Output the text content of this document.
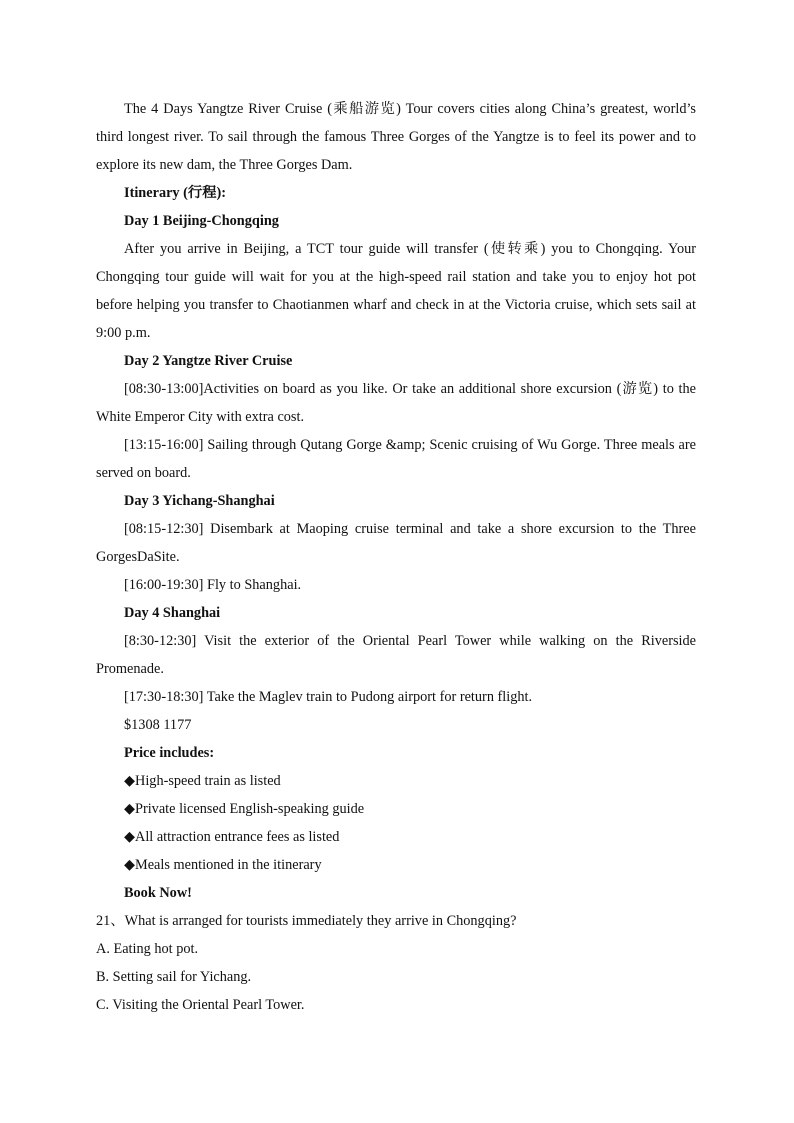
The 4 Days Yangtze River Cruise (乘船游览) Tour covers cities along China’s greatest, world’s third longest river. To sail through the famous Three Gorges of the Yangtze is to feel its power and to explore its new dam, the Three Gorges Dam.

Itinerary (行程):

Day 1 Beijing-Chongqing

After you arrive in Beijing, a TCT tour guide will transfer (使转乘) you to Chongqing. Your Chongqing tour guide will wait for you at the high-speed rail station and take you to enjoy hot pot before helping you transfer to Chaotianmen wharf and check in at the Victoria cruise, which sets sail at 9:00 p.m.

Day 2 Yangtze River Cruise

[08:30-13:00]Activities on board as you like. Or take an additional shore excursion (游览) to the White Emperor City with extra cost.

[13:15-16:00] Sailing through Qutang Gorge &amp; Scenic cruising of Wu Gorge. Three meals are served on board.

Day 3 Yichang-Shanghai

[08:15-12:30] Disembark at Maoping cruise terminal and take a shore excursion to the Three GorgesDaSite.

[16:00-19:30] Fly to Shanghai.

Day 4 Shanghai

[8:30-12:30] Visit the exterior of the Oriental Pearl Tower while walking on the Riverside Promenade.

[17:30-18:30] Take the Maglev train to Pudong airport for return flight.

$1308 1177

Price includes:

◆High-speed train as listed

◆Private licensed English-speaking guide

◆All attraction entrance fees as listed

◆Meals mentioned in the itinerary

Book Now!

21、What is arranged for tourists immediately they arrive in Chongqing?

A. Eating hot pot.

B. Setting sail for Yichang.

C. Visiting the Oriental Pearl Tower.
